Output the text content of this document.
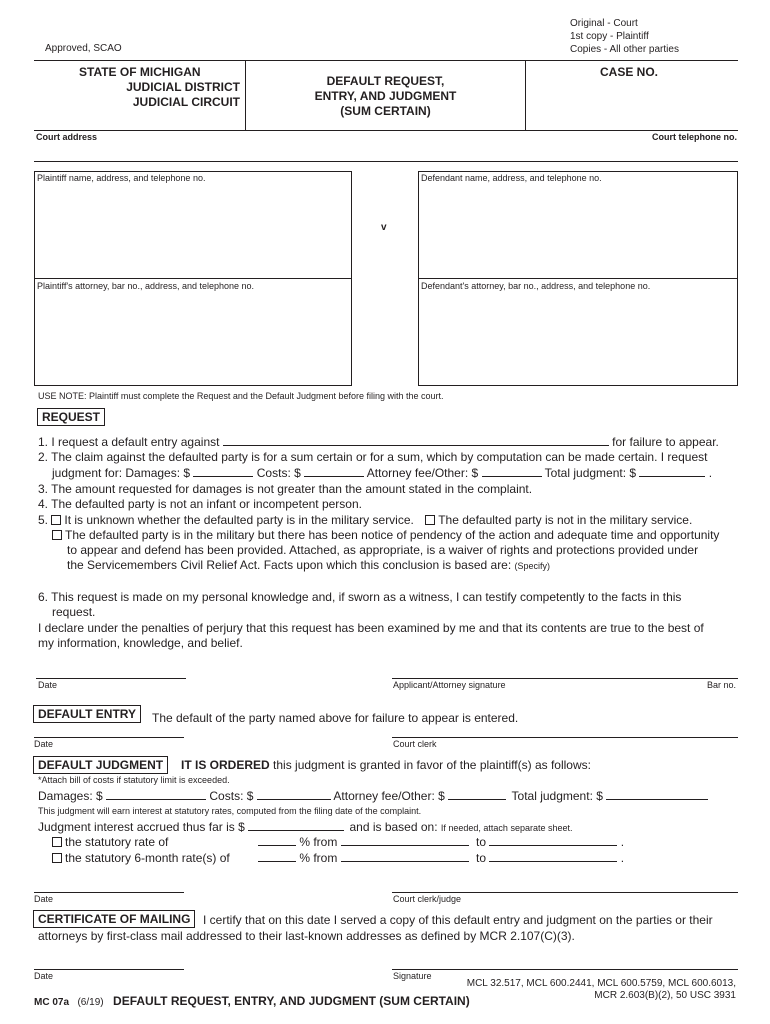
Approved, SCAO
Original - Court
1st copy - Plaintiff
Copies - All other parties
STATE OF MICHIGAN
JUDICIAL DISTRICT
JUDICIAL CIRCUIT
DEFAULT REQUEST,
ENTRY, AND JUDGMENT
(SUM CERTAIN)
CASE NO.
Court address	Court telephone no.
Plaintiff name, address, and telephone no.
Plaintiff's attorney, bar no., address, and telephone no.
v
Defendant name, address, and telephone no.
Defendant's attorney, bar no., address, and telephone no.
USE NOTE: Plaintiff must complete the Request and the Default Judgment before filing with the court.
REQUEST
1. I request a default entry against	for failure to appear.
2. The claim against the defaulted party is for a sum certain or for a sum, which by computation can be made certain. I request
judgment for: Damages: $	Costs: $	Attorney fee/Other: $	Total judgment: $	.
3. The amount requested for damages is not greater than the amount stated in the complaint.
4. The defaulted party is not an infant or incompetent person.
5. It is unknown whether the defaulted party is in the military service. The defaulted party is not in the military service.
The defaulted party is in the military but there has been notice of pendency of the action and adequate time and opportunity
to appear and defend has been provided. Attached, as appropriate, is a waiver of rights and protections provided under
the Servicemembers Civil Relief Act. Facts upon which this conclusion is based are: (Specify)
6. This request is made on my personal knowledge and, if sworn as a witness, I can testify competently to the facts in this
request.
I declare under the penalties of perjury that this request has been examined by me and that its contents are true to the best of
my information, knowledge, and belief.
Date	Applicant/Attorney signature	Bar no.
DEFAULT ENTRY	The default of the party named above for failure to appear is entered.
Date	Court clerk
DEFAULT JUDGMENT	IT IS ORDERED this judgment is granted in favor of the plaintiff(s) as follows:
*Attach bill of costs if statutory limit is exceeded.
Damages: $	Costs: $	Attorney fee/Other: $	Total judgment: $
This judgment will earn interest at statutory rates, computed from the filing date of the complaint.
Judgment interest accrued thus far is $	and is based on: If needed, attach separate sheet.
the statutory rate of	% from	to	.
the statutory 6-month rate(s) of	% from	to	.
Date	Court clerk/judge
CERTIFICATE OF MAILING	I certify that on this date I served a copy of this default entry and judgment on the parties or their
attorneys by first-class mail addressed to their last-known addresses as defined by MCR 2.107(C)(3).
Date	Signature
MC 07a (6/19) DEFAULT REQUEST, ENTRY, AND JUDGMENT (SUM CERTAIN)
MCL 32.517, MCL 600.2441, MCL 600.5759, MCL 600.6013,
MCR 2.603(B)(2), 50 USC 3931
